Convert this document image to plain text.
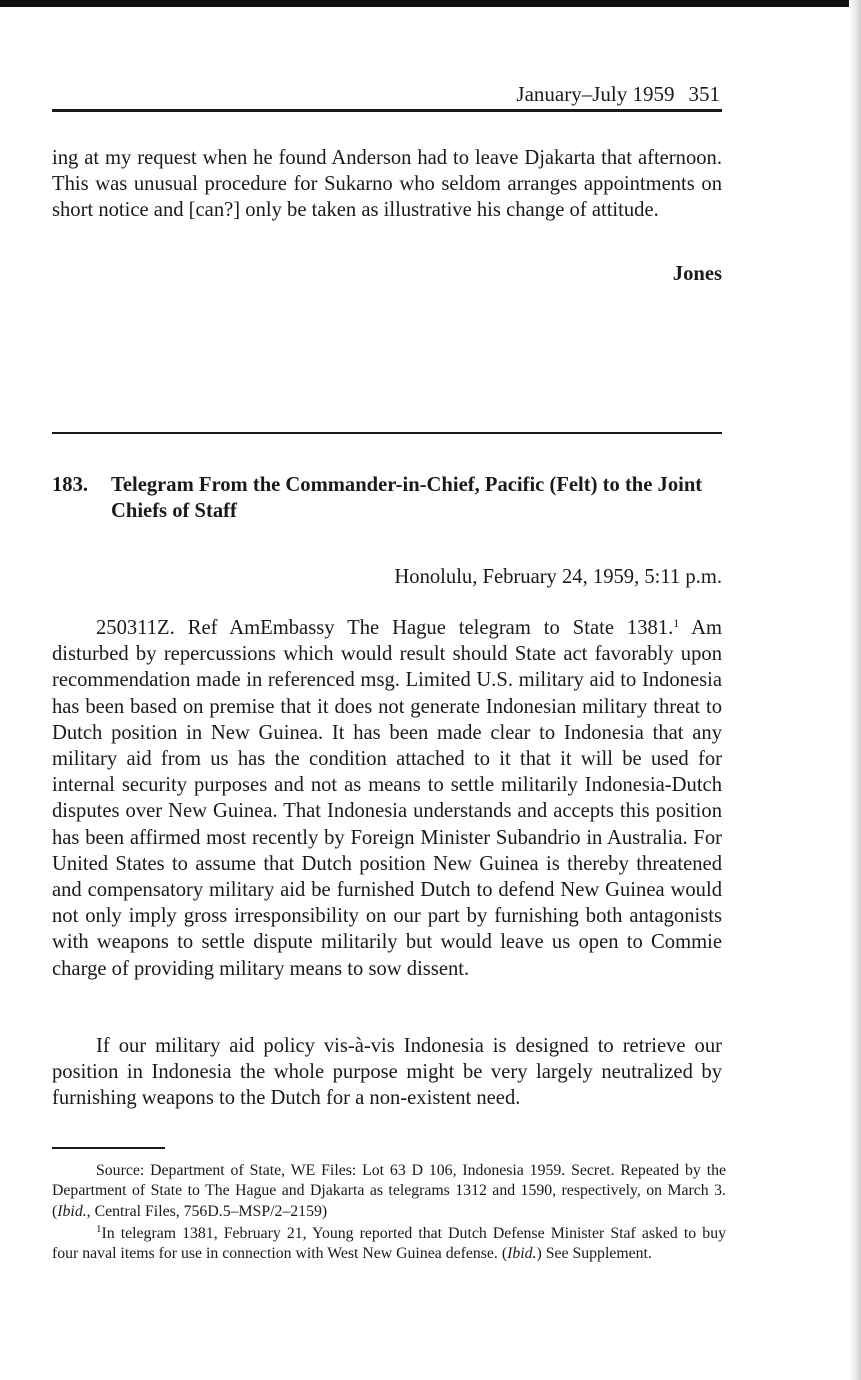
January–July 1959 351

ing at my request when he found Anderson had to leave Djakarta that afternoon. This was unusual procedure for Sukarno who seldom arranges appointments on short notice and [can?] only be taken as illustrative his change of attitude.

Jones
183. Telegram From the Commander-in-Chief, Pacific (Felt) to the Joint Chiefs of Staff
Honolulu, February 24, 1959, 5:11 p.m.

250311Z. Ref AmEmbassy The Hague telegram to State 1381.$^1$ Am disturbed by repercussions which would result should State act favorably upon recommendation made in referenced msg. Limited U.S. military aid to Indonesia has been based on premise that it does not generate Indonesian military threat to Dutch position in New Guinea. It has been made clear to Indonesia that any military aid from us has the condition attached to it that it will be used for internal security purposes and not as means to settle militarily Indonesia-Dutch disputes over New Guinea. That Indonesia understands and accepts this position has been affirmed most recently by Foreign Minister Subandrio in Australia. For United States to assume that Dutch position New Guinea is thereby threatened and compensatory military aid be furnished Dutch to defend New Guinea would not only imply gross irresponsibility on our part by furnishing both antagonists with weapons to settle dispute militarily but would leave us open to Commie charge of providing military means to sow dissent.

If our military aid policy vis-à-vis Indonesia is designed to retrieve our position in Indonesia the whole purpose might be very largely neutralized by furnishing weapons to the Dutch for a non-existent need.

Source: Department of State, WE Files: Lot 63 D 106, Indonesia 1959. Secret. Repeated by the Department of State to The Hague and Djakarta as telegrams 1312 and 1590, respectively, on March 3. (Ibid., Central Files, 756D.5–MSP/2–2159)

$^1$In telegram 1381, February 21, Young reported that Dutch Defense Minister Staf asked to buy four naval items for use in connection with West New Guinea defense. (Ibid.) See Supplement.
